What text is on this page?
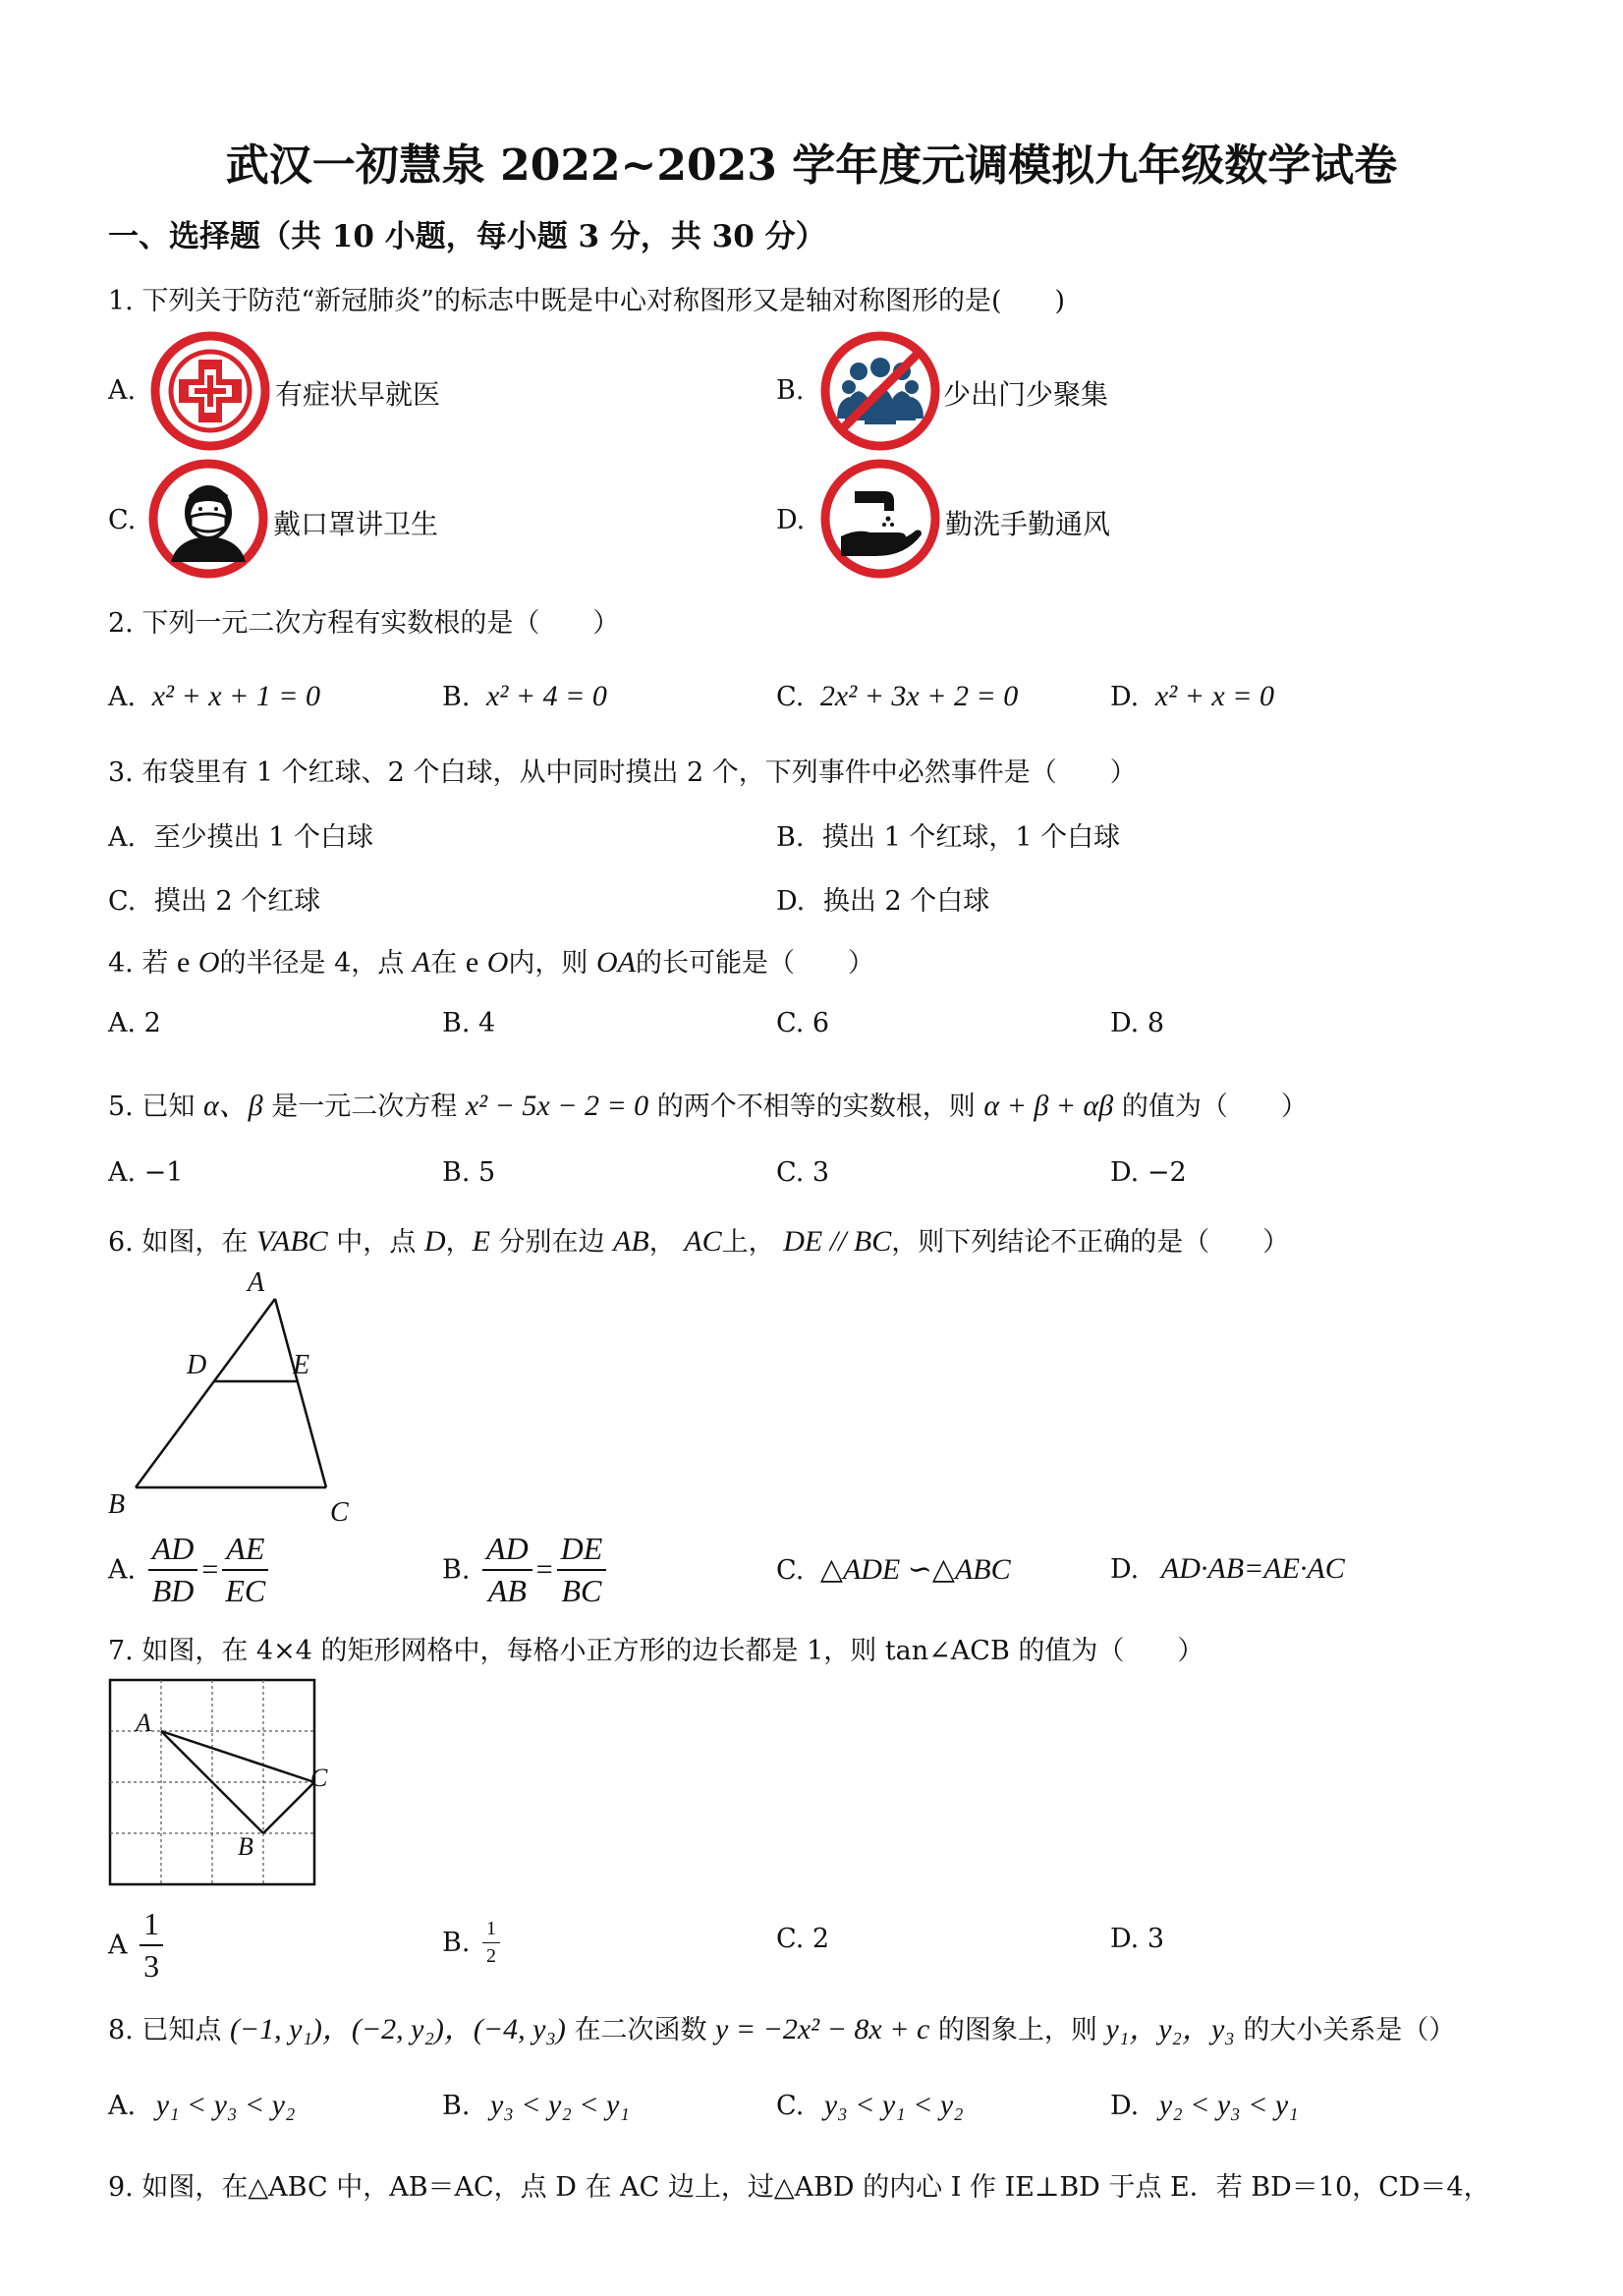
武汉一初慧泉 2022~2023 学年度元调模拟九年级数学试卷
一、选择题（共 10 小题，每小题 3 分，共 30 分）
1. 下列关于防范“新冠肺炎”的标志中既是中心对称图形又是轴对称图形的是(　　)
A.	有症状早就医	B.	少出门少聚集
C.	戴口罩讲卫生	D.	勤洗手勤通风
2. 下列一元二次方程有实数根的是（　　）
A. x² + x + 1 = 0	B. x² + 4 = 0	C. 2x² + 3x + 2 = 0	D. x² + x = 0
3. 布袋里有 1 个红球、2 个白球，从中同时摸出 2 个，下列事件中必然事件是（　　）
A. 至少摸出 1 个白球	B. 摸出 1 个红球，1 个白球
C. 摸出 2 个红球	D. 换出 2 个白球
4. 若 e O的半径是 4，点 A在 e O内，则 OA的长可能是（　　）
A. 2	B. 4	C. 6	D. 8
5. 已知 α、β 是一元二次方程 x² − 5x − 2 = 0 的两个不相等的实数根，则 α + β + αβ 的值为（　　）
A. −1	B. 5	C. 3	D. −2
6. 如图，在 VABC 中，点 D，E 分别在边 AB， AC上， DE // BC，则下列结论不正确的是（　　）
A
D	E
B	C
A. $\frac{AD}{BD} = \frac{AE}{EC}$	B. $\frac{AD}{AB} = \frac{DE}{BC}$	C. △ADE ∽△ABC	D. AD·AB=AE·AC
7. 如图，在 4×4 的矩形网格中，每格小正方形的边长都是 1，则 tan∠ACB 的值为（　　）
A
B
C
A $\frac{1}{3}$	B. $\frac{1}{2}$	C. 2	D. 3
8. 已知点 (−1, y₁)，(−2, y₂)，(−4, y₃) 在二次函数 y = −2x² − 8x + c 的图象上，则 y₁，y₂，y₃ 的大小关系是（）
A. y₁ < y₃ < y₂	B. y₃ < y₂ < y₁	C. y₃ < y₁ < y₂	D. y₂ < y₃ < y₁
9. 如图，在△ABC 中，AB＝AC，点 D 在 AC 边上，过△ABD 的内心 I 作 IE⊥BD 于点 E．若 BD＝10，CD＝4，
